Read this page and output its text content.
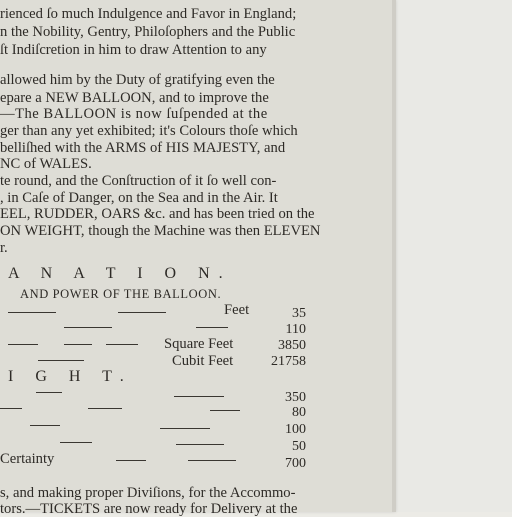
rienced ſo much Indulgence and Favor in England;
n the Nobility, Gentry, Philoſophers and the Public
ſt Indiſcretion in him to draw Attention to any
allowed him by the Duty of gratifying even the
epare a NEW BALLOON, and to improve the
—The BALLOON is now ſuſpended at the
ger than any yet exhibited; it's Colours thoſe which
belliſhed with the ARMS of HIS MAJESTY, and
NC of WALES.
te round, and the Conſtruction of it ſo well con-
, in Caſe of Danger, on the Sea and in the Air. It
EEL, RUDDER, OARS &c. and has been tried on the
ON WEIGHT, though the Machine was then ELEVEN
r.
A N A T I O N.
AND POWER OF THE BALLOON.
Feet	35
110
Square Feet	3850
Cubit Feet	21758
I G H T.
350
80
100
50
Certainty	700
s, and making proper Diviſions, for the Accommo-
tors.—TICKETS are now ready for Delivery at the
